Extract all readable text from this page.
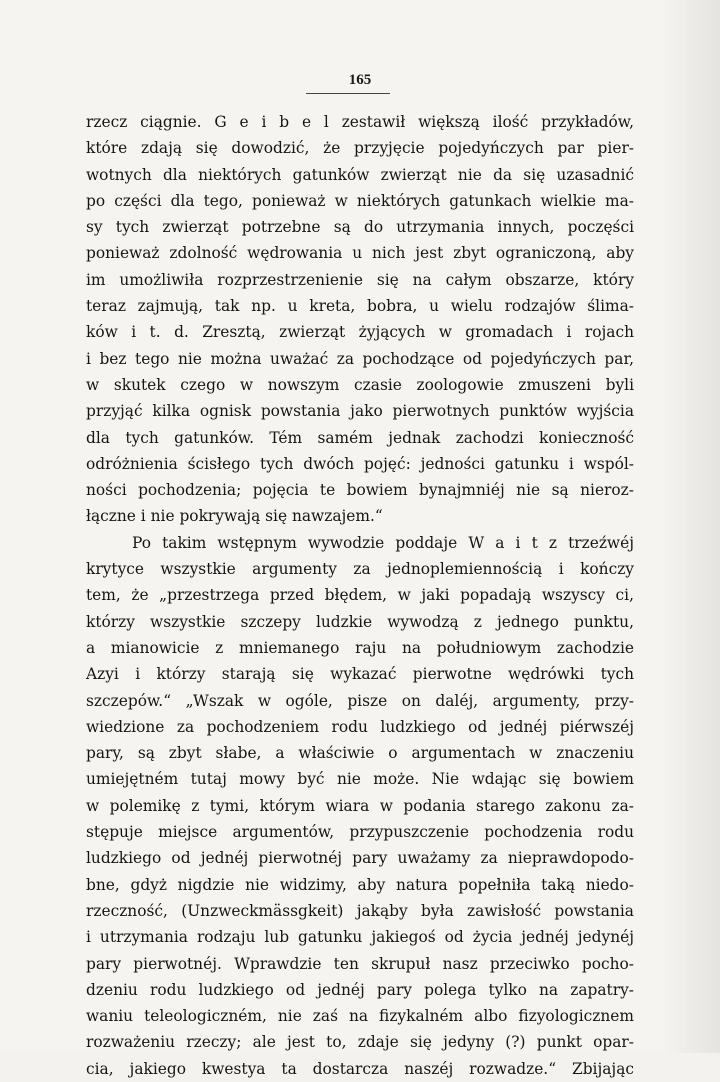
165
rzecz ciągnie. G e i b e l zestawił większą ilość przykładów,
które zdają się dowodzić, że przyjęcie pojedyńczych par pier-
wotnych dla niektórych gatunków zwierząt nie da się uzasadnić
po części dla tego, ponieważ w niektórych gatunkach wielkie ma-
sy tych zwierząt potrzebne są do utrzymania innych, poczęści
ponieważ zdolność wędrowania u nich jest zbyt ograniczoną, aby
im umożliwiła rozprzestrzenienie się na całym obszarze, który
teraz zajmują, tak np. u kreta, bobra, u wielu rodzajów ślima-
ków i t. d. Zresztą, zwierząt żyjących w gromadach i rojach
i bez tego nie można uważać za pochodzące od pojedyńczych par,
w skutek czego w nowszym czasie zoologowie zmuszeni byli
przyjąć kilka ognisk powstania jako pierwotnych punktów wyjścia
dla tych gatunków. Tém samém jednak zachodzi konieczność
odróżnienia ścisłego tych dwóch pojęć: jedności gatunku i wspól-
ności pochodzenia; pojęcia te bowiem bynajmniéj nie są nieroz-
łączne i nie pokrywają się nawzajem.“
Po takim wstępnym wywodzie poddaje W a i t z trzeźwéj
krytyce wszystkie argumenty za jednoplemiennością i kończy
tem, że „przestrzega przed błędem, w jaki popadają wszyscy ci,
którzy wszystkie szczepy ludzkie wywodzą z jednego punktu,
a mianowicie z mniemanego raju na południowym zachodzie
Azyi i którzy starają się wykazać pierwotne wędrówki tych
szczepów.“ „Wszak w ogóle, pisze on daléj, argumenty, przy-
wiedzione za pochodzeniem rodu ludzkiego od jednéj piérwszéj
pary, są zbyt słabe, a właściwie o argumentach w znaczeniu
umiejętném tutaj mowy być nie może. Nie wdając się bowiem
w polemikę z tymi, którym wiara w podania starego zakonu za-
stępuje miejsce argumentów, przypuszczenie pochodzenia rodu
ludzkiego od jednéj pierwotnéj pary uważamy za nieprawdopodo-
bne, gdyż nigdzie nie widzimy, aby natura popełniła taką niedo-
rzeczność, (Unzweckmässgkeit) jakąby była zawisłość powstania
i utrzymania rodzaju lub gatunku jakiegoś od życia jednéj jedynéj
pary pierwotnéj. Wprawdzie ten skrupuł nasz przeciwko pocho-
dzeniu rodu ludzkiego od jednéj pary polega tylko na zapatry-
waniu teleologiczném, nie zaś na fizykalném albo fizyologicznem
rozważeniu rzeczy; ale jest to, zdaje się jedyny (?) punkt opar-
cia, jakiego kwestya ta dostarcza naszéj rozwadze.“ Zbijając
